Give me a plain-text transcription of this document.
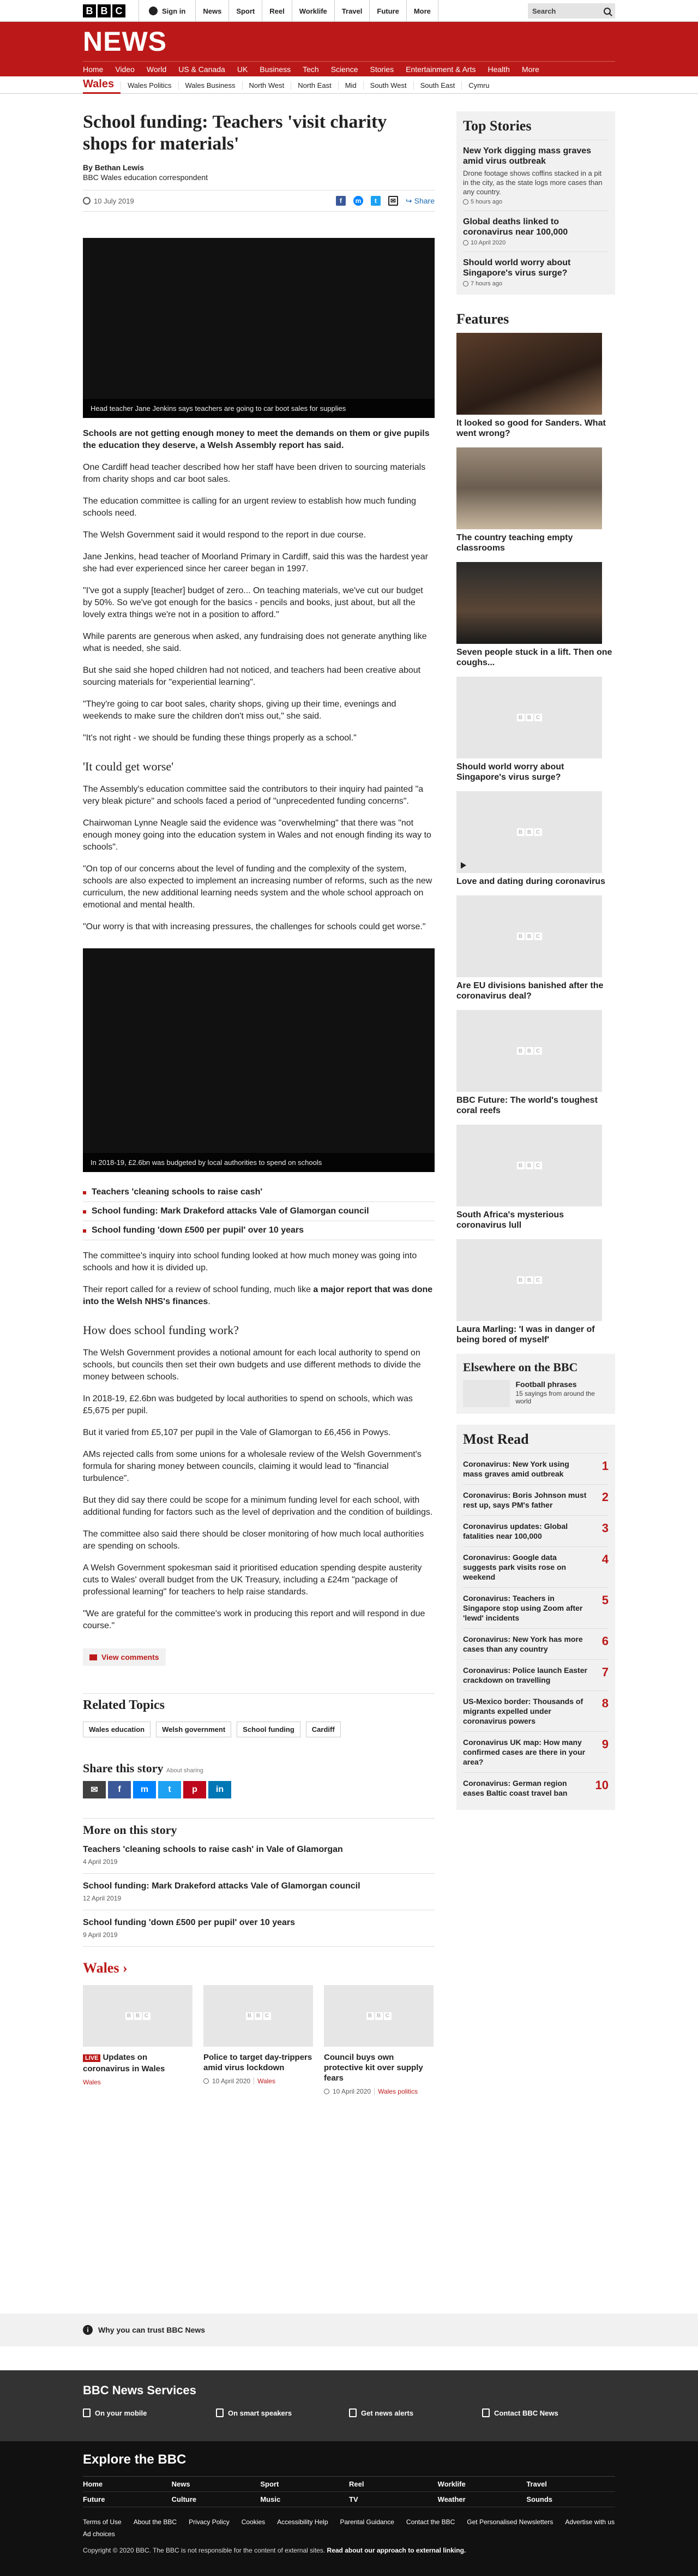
B B C	Sign in	News	Sport	Reel	Worklife	Travel	Future	More	Search
NEWS
Home	Video	World	US & Canada	UK	Business	Tech	Science	Stories	Entertainment & Arts	Health	More
Wales	Wales Politics	Wales Business	North West	North East	Mid	South West	South East	Cymru
School funding: Teachers 'visit charity shops for materials'
By Bethan Lewis
BBC Wales education correspondent
10 July 2019	f	m	t	✉ ↪ Share
Head teacher Jane Jenkins says teachers are going to car boot sales for supplies

Schools are not getting enough money to meet the demands on them or give pupils the education they deserve, a Welsh Assembly report has said.

One Cardiff head teacher described how her staff have been driven to sourcing materials from charity shops and car boot sales.

The education committee is calling for an urgent review to establish how much funding schools need.

The Welsh Government said it would respond to the report in due course.

Jane Jenkins, head teacher of Moorland Primary in Cardiff, said this was the hardest year she had ever experienced since her career began in 1997.

"I've got a supply [teacher] budget of zero... On teaching materials, we've cut our budget by 50%. So we've got enough for the basics - pencils and books, just about, but all the lovely extra things we're not in a position to afford."

While parents are generous when asked, any fundraising does not generate anything like what is needed, she said.

But she said she hoped children had not noticed, and teachers had been creative about sourcing materials for "experiential learning".

"They're going to car boot sales, charity shops, giving up their time, evenings and weekends to make sure the children don't miss out," she said.

"It's not right - we should be funding these things properly as a school."

'It could get worse'

The Assembly's education committee said the contributors to their inquiry had painted "a very bleak picture" and schools faced a period of "unprecedented funding concerns".

Chairwoman Lynne Neagle said the evidence was "overwhelming" that there was "not enough money going into the education system in Wales and not enough finding its way to schools".

"On top of our concerns about the level of funding and the complexity of the system, schools are also expected to implement an increasing number of reforms, such as the new curriculum, the new additional learning needs system and the whole school approach on emotional and mental health.

"Our worry is that with increasing pressures, the challenges for schools could get worse."

In 2018-19, £2.6bn was budgeted by local authorities to spend on schools
Teachers 'cleaning schools to raise cash'
School funding: Mark Drakeford attacks Vale of Glamorgan council
School funding 'down £500 per pupil' over 10 years

The committee's inquiry into school funding looked at how much money was going into schools and how it is divided up.

Their report called for a review of school funding, much like a major report that was done into the Welsh NHS's finances.

How does school funding work?

The Welsh Government provides a notional amount for each local authority to spend on schools, but councils then set their own budgets and use different methods to divide the money between schools.

In 2018-19, £2.6bn was budgeted by local authorities to spend on schools, which was £5,675 per pupil.

But it varied from £5,107 per pupil in the Vale of Glamorgan to £6,456 in Powys.

AMs rejected calls from some unions for a wholesale review of the Welsh Government's formula for sharing money between councils, claiming it would lead to "financial turbulence".

But they did say there could be scope for a minimum funding level for each school, with additional funding for factors such as the level of deprivation and the condition of buildings.

The committee also said there should be closer monitoring of how much local authorities are spending on schools.

A Welsh Government spokesman said it prioritised education spending despite austerity cuts to Wales' overall budget from the UK Treasury, including a £24m "package of professional learning" for teachers to help raise standards.

"We are grateful for the committee's work in producing this report and will respond in due course."

View comments
Related Topics
Wales education	Welsh government	School funding	Cardiff
Share this story About sharing
✉	f	m	t	p	in
More on this story
Teachers 'cleaning schools to raise cash' in Vale of Glamorgan
4 April 2019
School funding: Mark Drakeford attacks Vale of Glamorgan council
12 April 2019
School funding 'down £500 per pupil' over 10 years
9 April 2019
Wales ›
B B C
LIVE Updates on coronavirus in Wales
Wales
B B C
Police to target day-trippers amid virus lockdown
10 April 2020	Wales
B B C
Council buys own protective kit over supply fears
10 April 2020	Wales politics
Top Stories
New York digging mass graves amid virus outbreak
Drone footage shows coffins stacked in a pit in the city, as the state logs more cases than any country.
5 hours ago
Global deaths linked to coronavirus near 100,000
10 April 2020
Should world worry about Singapore's virus surge?
7 hours ago
Features
It looked so good for Sanders. What went wrong?
The country teaching empty classrooms
Seven people stuck in a lift. Then one coughs...
B B C
Should world worry about Singapore's virus surge?
B B C
Love and dating during coronavirus
B B C
Are EU divisions banished after the coronavirus deal?
B B C
BBC Future: The world's toughest coral reefs
B B C
South Africa's mysterious coronavirus lull
B B C
Laura Marling: 'I was in danger of being bored of myself'
Elsewhere on the BBC
Football phrases
15 sayings from around the world
Most Read
Coronavirus: New York using mass graves amid outbreak
1
Coronavirus: Boris Johnson must rest up, says PM's father
2
Coronavirus updates: Global fatalities near 100,000
3
Coronavirus: Google data suggests park visits rose on weekend
4
Coronavirus: Teachers in Singapore stop using Zoom after 'lewd' incidents
5
Coronavirus: New York has more cases than any country
6
Coronavirus: Police launch Easter crackdown on travelling
7
US-Mexico border: Thousands of migrants expelled under coronavirus powers
8
Coronavirus UK map: How many confirmed cases are there in your area?
9
Coronavirus: German region eases Baltic coast travel ban
10
i	Why you can trust BBC News
BBC News Services
On your mobile	On smart speakers	Get news alerts	Contact BBC News
Explore the BBC
Home	News	Sport	Reel	Worklife	Travel
Future	Culture	Music	TV	Weather	Sounds
Terms of Use About the BBC Privacy Policy Cookies Accessibility Help Parental Guidance Contact the BBC Get Personalised Newsletters Advertise with us
Ad choices
Copyright © 2020 BBC. The BBC is not responsible for the content of external sites. Read about our approach to external linking.
